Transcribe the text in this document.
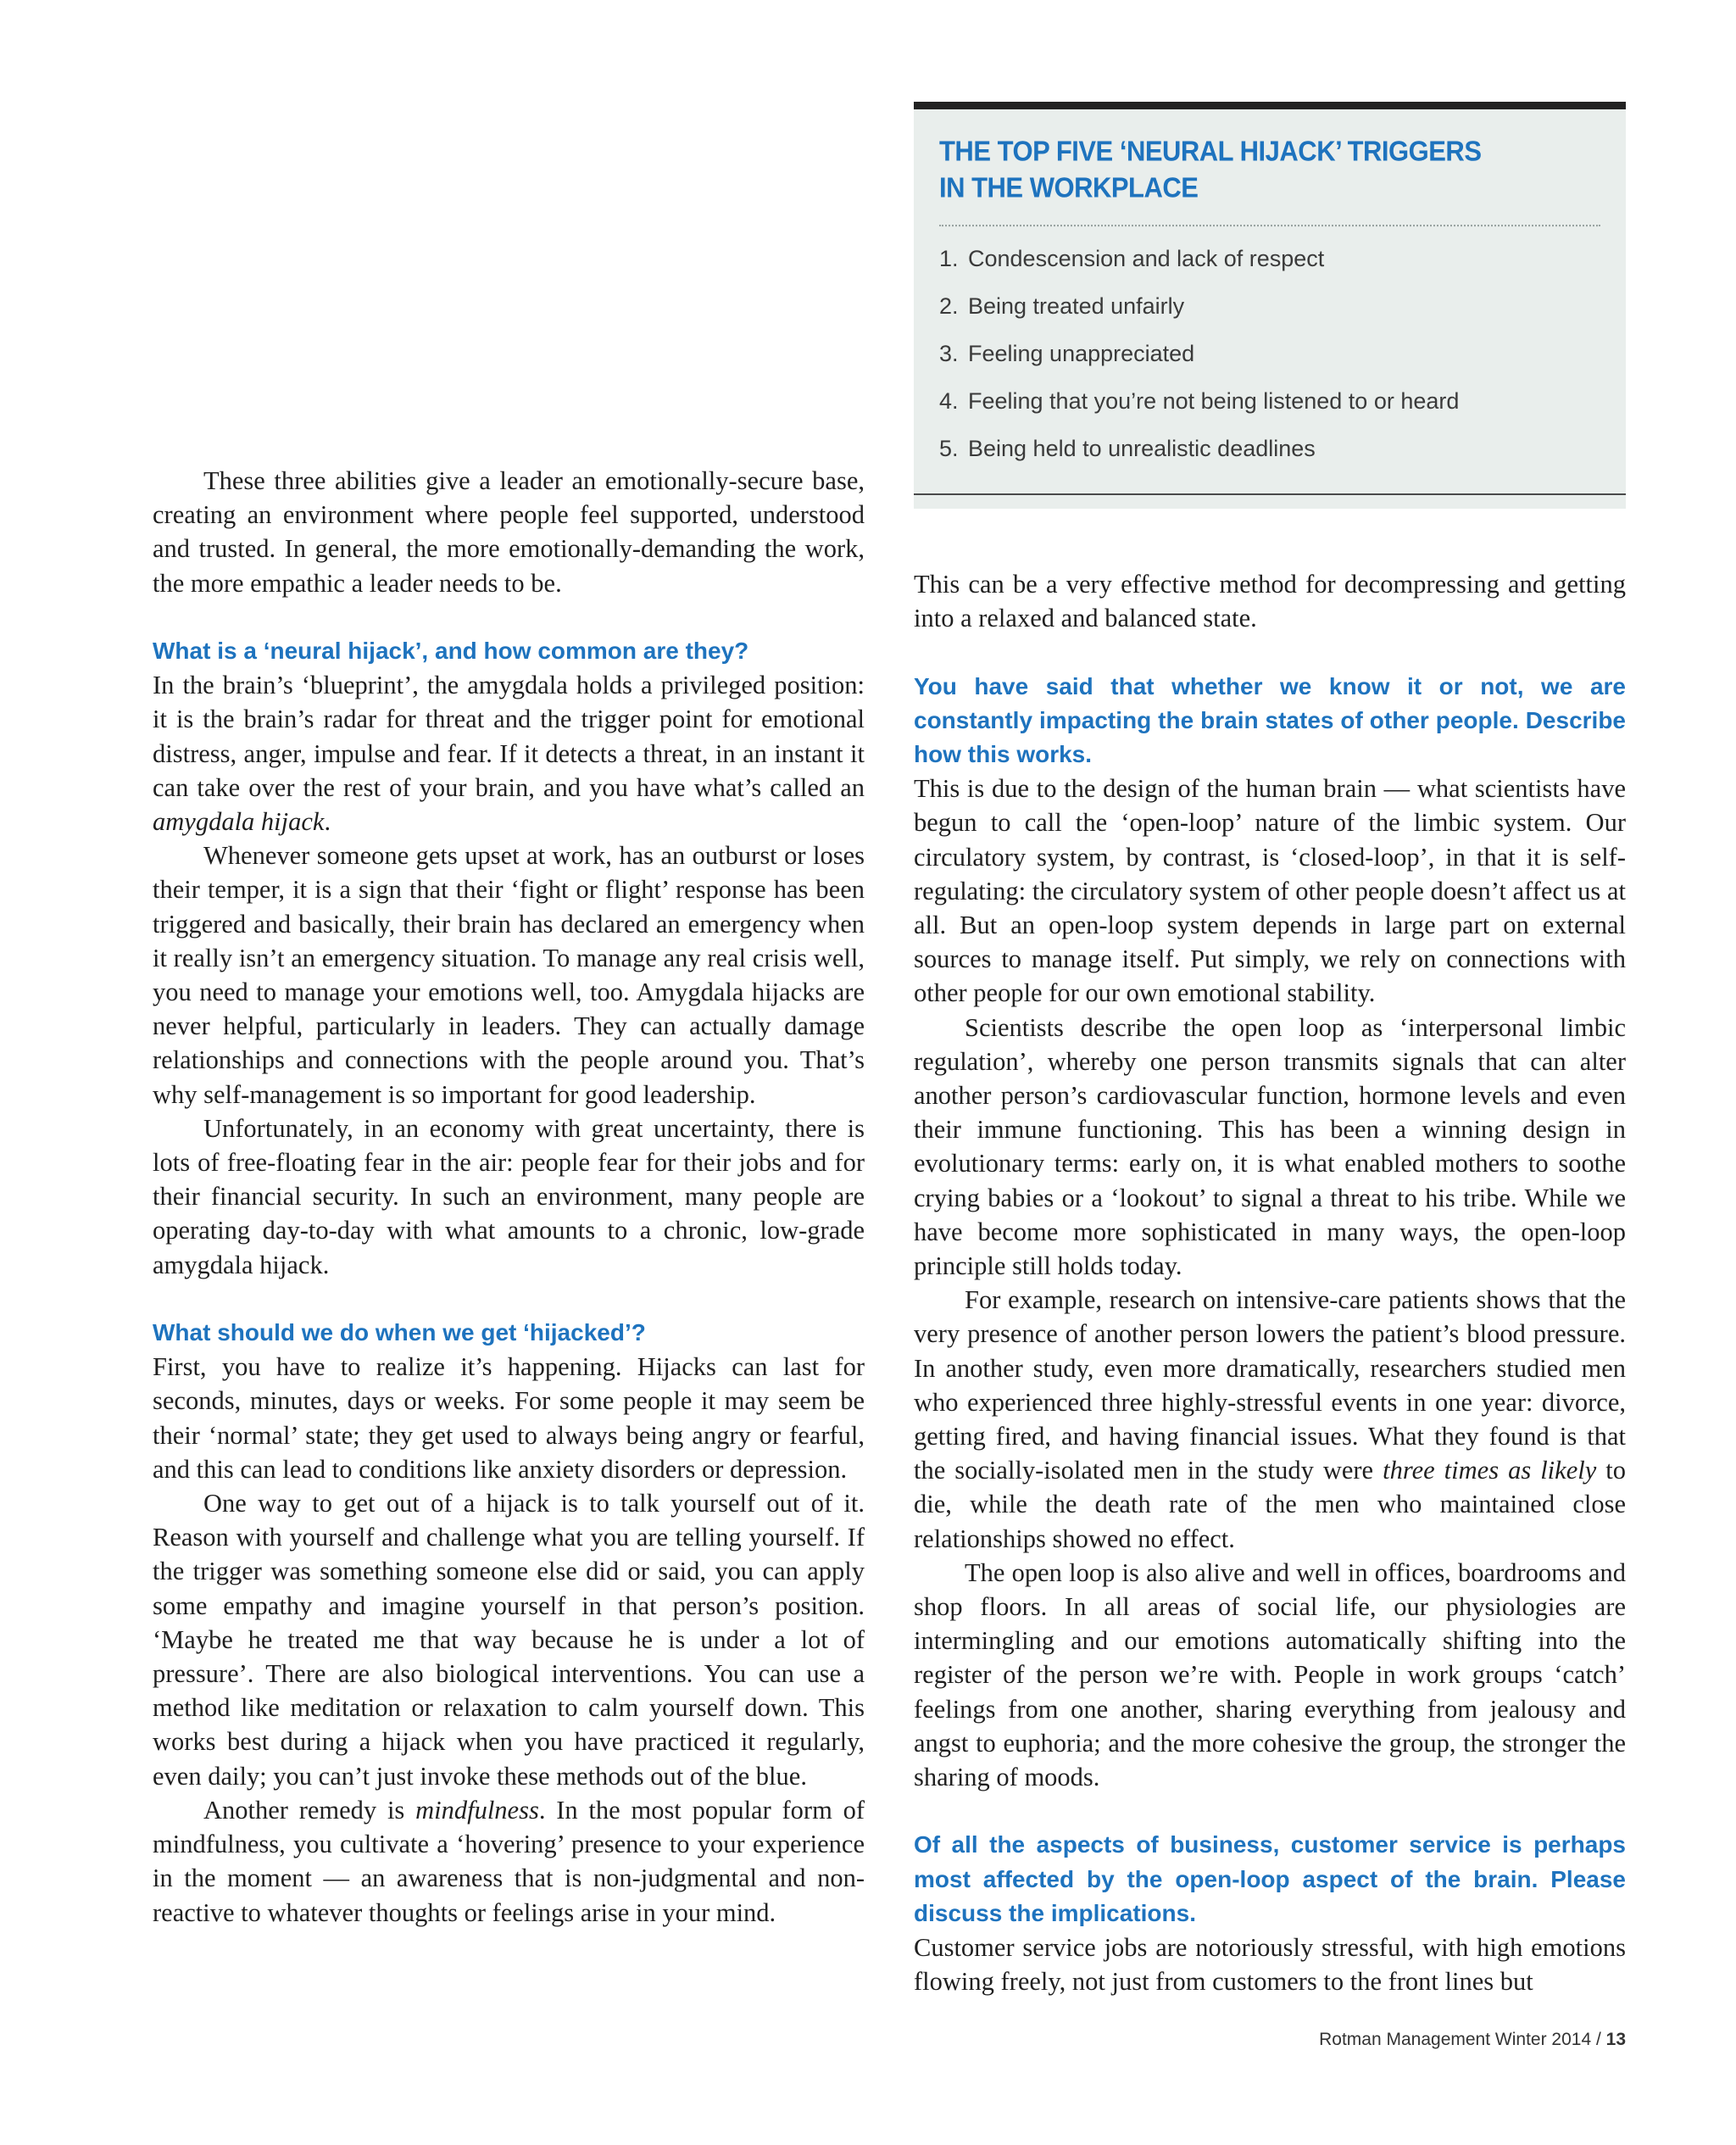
THE TOP FIVE ‘NEURAL HIJACK’ TRIGGERS
IN THE WORKPLACE
1. Condescension and lack of respect
2. Being treated unfairly
3. Feeling unappreciated
4. Feeling that you’re not being listened to or heard
5. Being held to unrealistic deadlines

These three abilities give a leader an emotionally-secure base, creating an environment where people feel supported, understood and trusted. In general, the more emotionally-demanding the work, the more empathic a leader needs to be.

What is a ‘neural hijack’, and how common are they?

In the brain’s ‘blueprint’, the amygdala holds a privileged position: it is the brain’s radar for threat and the trigger point for emotional distress, anger, impulse and fear. If it detects a threat, in an instant it can take over the rest of your brain, and you have what’s called an amygdala hijack.

Whenever someone gets upset at work, has an outburst or loses their temper, it is a sign that their ‘fight or flight’ response has been triggered and basically, their brain has declared an emergency when it really isn’t an emergency situation. To manage any real crisis well, you need to manage your emotions well, too. Amygdala hijacks are never helpful, particularly in leaders. They can actually damage relationships and connections with the people around you. That’s why self-management is so important for good leadership.

Unfortunately, in an economy with great uncertainty, there is lots of free-floating fear in the air: people fear for their jobs and for their financial security. In such an environment, many people are operating day-to-day with what amounts to a chronic, low-grade amygdala hijack.

What should we do when we get ‘hijacked’?

First, you have to realize it’s happening. Hijacks can last for seconds, minutes, days or weeks. For some people it may seem be their ‘normal’ state; they get used to always being angry or fearful, and this can lead to conditions like anxiety disorders or depression.

One way to get out of a hijack is to talk yourself out of it. Reason with yourself and challenge what you are telling yourself. If the trigger was something someone else did or said, you can apply some empathy and imagine yourself in that person’s position. ‘Maybe he treated me that way because he is under a lot of pressure’. There are also biological interventions. You can use a method like meditation or relaxation to calm yourself down. This works best during a hijack when you have practiced it regularly, even daily; you can’t just invoke these methods out of the blue.

Another remedy is mindfulness. In the most popular form of mindfulness, you cultivate a ‘hovering’ presence to your experience in the moment — an awareness that is non-judgmental and non-reactive to whatever thoughts or feelings arise in your mind.

This can be a very effective method for decompressing and getting into a relaxed and balanced state.

You have said that whether we know it or not, we are constantly impacting the brain states of other people. Describe how this works.

This is due to the design of the human brain — what scientists have begun to call the ‘open-loop’ nature of the limbic system. Our circulatory system, by contrast, is ‘closed-loop’, in that it is self-regulating: the circulatory system of other people doesn’t affect us at all. But an open-loop system depends in large part on external sources to manage itself. Put simply, we rely on connections with other people for our own emotional stability.

Scientists describe the open loop as ‘interpersonal limbic regulation’, whereby one person transmits signals that can alter another person’s cardiovascular function, hormone levels and even their immune functioning. This has been a winning design in evolutionary terms: early on, it is what enabled mothers to soothe crying babies or a ‘lookout’ to signal a threat to his tribe. While we have become more sophisticated in many ways, the open-loop principle still holds today.

For example, research on intensive-care patients shows that the very presence of another person lowers the patient’s blood pressure. In another study, even more dramatically, researchers studied men who experienced three highly-stressful events in one year: divorce, getting fired, and having financial issues. What they found is that the socially-isolated men in the study were three times as likely to die, while the death rate of the men who maintained close relationships showed no effect.

The open loop is also alive and well in offices, boardrooms and shop floors. In all areas of social life, our physiologies are intermingling and our emotions automatically shifting into the register of the person we’re with. People in work groups ‘catch’ feelings from one another, sharing everything from jealousy and angst to euphoria; and the more cohesive the group, the stronger the sharing of moods.

Of all the aspects of business, customer service is perhaps most affected by the open-loop aspect of the brain. Please discuss the implications.

Customer service jobs are notoriously stressful, with high emotions flowing freely, not just from customers to the front lines but

Rotman Management Winter 2014 / 13
